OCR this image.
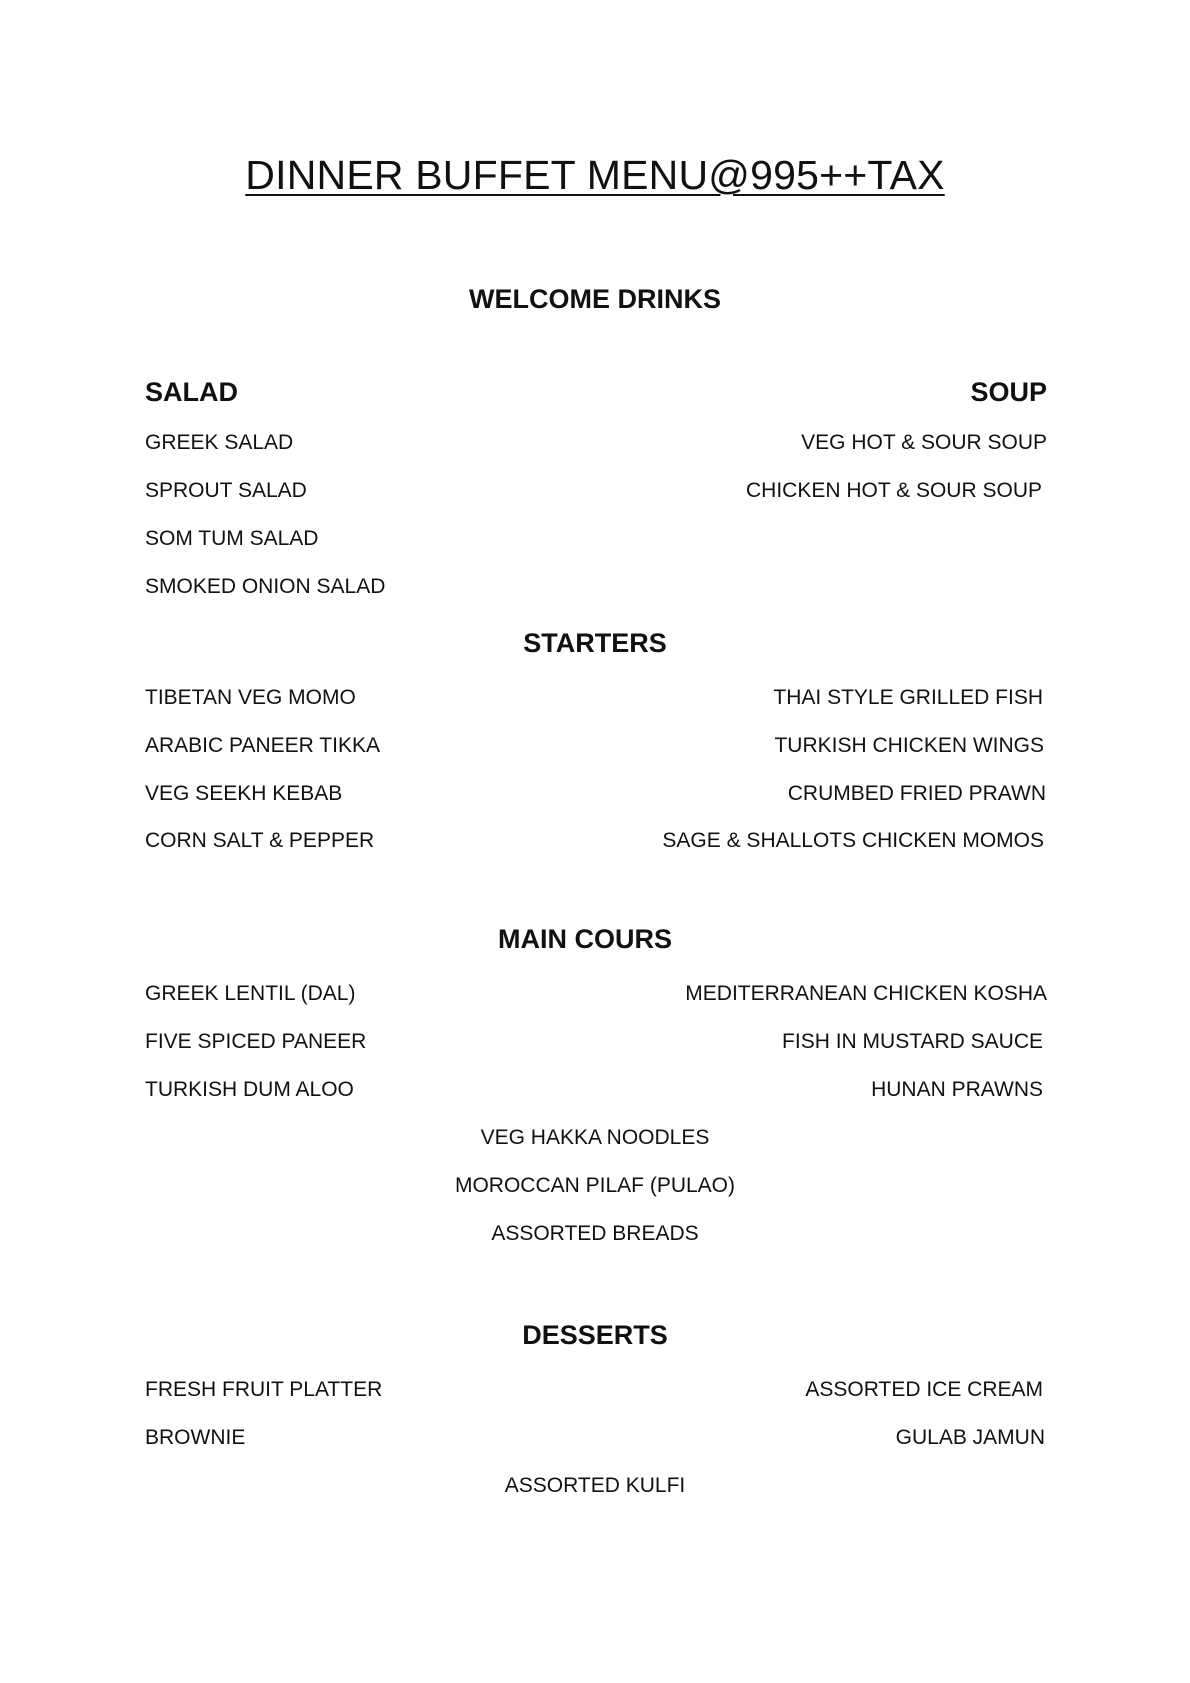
DINNER BUFFET MENU@995++TAX
WELCOME DRINKS
SALAD	SOUP
GREEK SALAD
SPROUT SALAD
SOM TUM SALAD
SMOKED ONION SALAD
VEG HOT & SOUR SOUP
CHICKEN HOT & SOUR SOUP
STARTERS
TIBETAN VEG MOMO
ARABIC PANEER TIKKA
VEG SEEKH KEBAB
CORN SALT & PEPPER
THAI STYLE GRILLED FISH
TURKISH CHICKEN WINGS
CRUMBED FRIED PRAWN
SAGE & SHALLOTS CHICKEN MOMOS
MAIN COURS
GREEK LENTIL (DAL)
FIVE SPICED PANEER
TURKISH DUM ALOO
MEDITERRANEAN CHICKEN KOSHA
FISH IN MUSTARD SAUCE
HUNAN PRAWNS
VEG HAKKA NOODLES
MOROCCAN PILAF (PULAO)
ASSORTED BREADS
DESSERTS
FRESH FRUIT PLATTER
BROWNIE
ASSORTED ICE CREAM
GULAB JAMUN
ASSORTED KULFI
